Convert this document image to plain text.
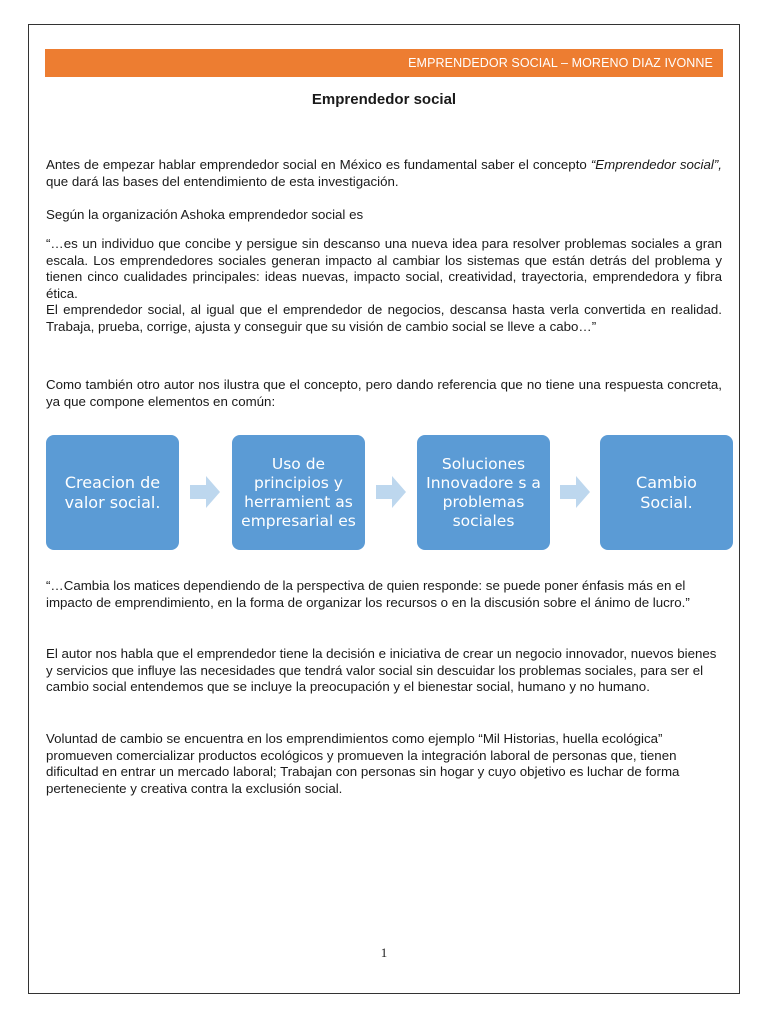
EMPRENDEDOR SOCIAL – MORENO DIAZ IVONNE
Emprendedor social

Antes de empezar hablar emprendedor social en México es fundamental saber el concepto “Emprendedor social”, que dará las bases del entendimiento de esta investigación.

Según la organización Ashoka emprendedor social es

“…es un individuo que concibe y persigue sin descanso una nueva idea para resolver problemas sociales a gran escala. Los emprendedores sociales generan impacto al cambiar los sistemas que están detrás del problema y tienen cinco cualidades principales: ideas nuevas, impacto social, creatividad, trayectoria, emprendedora y fibra ética.

El emprendedor social, al igual que el emprendedor de negocios, descansa hasta verla convertida en realidad. Trabaja, prueba, corrige, ajusta y conseguir que su visión de cambio social se lleve a cabo…”

Como también otro autor nos ilustra que el concepto, pero dando referencia que no tiene una respuesta concreta, ya que compone elementos en común:
Creacion de valor social.
Uso de principios y herramient as empresarial es
Soluciones Innovadore s a problemas sociales
Cambio Social.
“…Cambia los matices dependiendo de la perspectiva de quien responde: se puede poner énfasis más en el impacto de emprendimiento, en la forma de organizar los recursos o en la discusión sobre el ánimo de lucro.”
El autor nos habla que el emprendedor tiene la decisión e iniciativa de crear un negocio innovador, nuevos bienes y servicios que influye las necesidades que tendrá valor social sin descuidar los problemas sociales, para ser el cambio social entendemos que se incluye la preocupación y el bienestar social, humano y no humano.
Voluntad de cambio se encuentra en los emprendimientos como ejemplo “Mil Historias, huella ecológica” promueven comercializar productos ecológicos y promueven la integración laboral de personas que, tienen dificultad en entrar un mercado laboral; Trabajan con personas sin hogar y cuyo objetivo es luchar de forma perteneciente y creativa contra la exclusión social.
1
